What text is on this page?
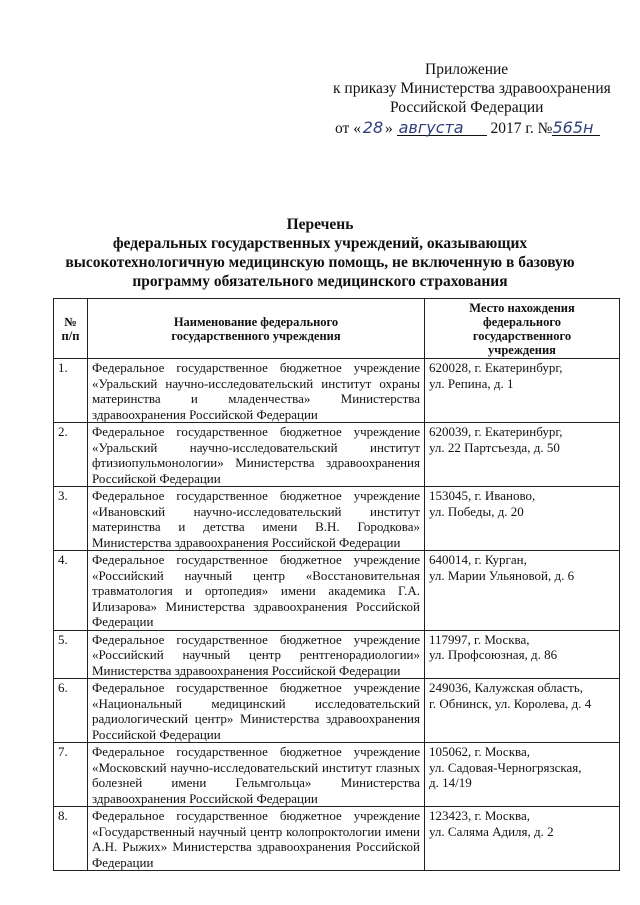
Приложение
к приказу Министерства здравоохранения
Российской Федерации
от « 28 » августа 2017 г. №565н
Перечень
федеральных государственных учреждений, оказывающих
высокотехнологичную медицинскую помощь, не включенную в базовую
программу обязательного медицинского страхования
№
п/п	Наименование федерального государственного учреждения	Место нахождения федерального государственного учреждения
1.	Федеральное государственное бюджетное учреждение «Уральский научно-исследовательский институт охраны материнства и младенчества» Министерства здравоохранения Российской Федерации	620028, г. Екатеринбург,
ул. Репина, д. 1

2.	Федеральное государственное бюджетное учреждение «Уральский научно-исследовательский институт фтизиопульмонологии» Министерства здравоохранения Российской Федерации	620039, г. Екатеринбург,
ул. 22 Партсъезда, д. 50

3.	Федеральное государственное бюджетное учреждение «Ивановский научно-исследовательский институт материнства и детства имени В.Н. Городкова» Министерства здравоохранения Российской Федерации	153045, г. Иваново,
ул. Победы, д. 20

4.	Федеральное государственное бюджетное учреждение «Российский научный центр «Восстановительная травматология и ортопедия» имени академика Г.А. Илизарова» Министерства здравоохранения Российской Федерации	640014, г. Курган,
ул. Марии Ульяновой, д. 6

5.	Федеральное государственное бюджетное учреждение «Российский научный центр рентгенорадиологии» Министерства здравоохранения Российской Федерации	117997, г. Москва,
ул. Профсоюзная, д. 86

6.	Федеральное государственное бюджетное учреждение «Национальный медицинский исследовательский радиологический центр» Министерства здравоохранения Российской Федерации	249036, Калужская область,
г. Обнинск, ул. Королева, д. 4

7.	Федеральное государственное бюджетное учреждение «Московский научно-исследовательский институт глазных болезней имени Гельмгольца» Министерства здравоохранения Российской Федерации	105062, г. Москва,
ул. Садовая-Черногрязская,
д. 14/19

8.	Федеральное государственное бюджетное учреждение «Государственный научный центр колопроктологии имени А.Н. Рыжих» Министерства здравоохранения Российской Федерации	123423, г. Москва,
ул. Саляма Адиля, д. 2
